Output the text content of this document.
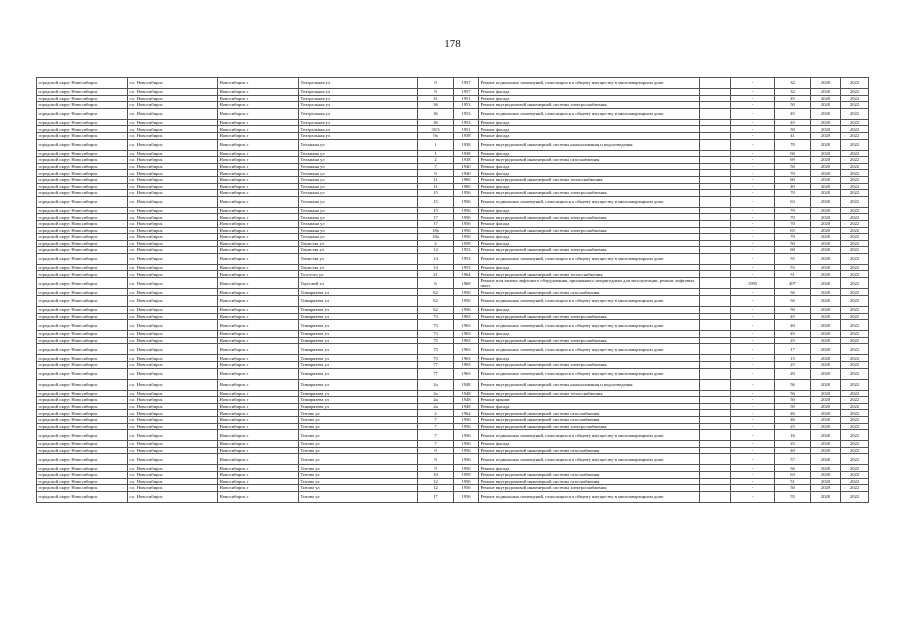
178
городской округ Новосибирск	г.о. Новосибирск	Новосибирск г	Театральная ул	9	1957	Ремонт подвальных помещений, относящихся к общему имуществу в многоквартирном доме		-	32	2020	2022
городской округ Новосибирск	г.о. Новосибирск	Новосибирск г	Театральная ул	9	1957	Ремонт фасада		-	32	2020	2022
городской округ Новосибирск	г.о. Новосибирск	Новосибирск г	Театральная ул	31	1951	Ремонт фасада		-	45	2020	2022
городской округ Новосибирск	г.о. Новосибирск	Новосибирск г	Театральная ул	36	1953	Ремонт внутридомовой инженерной системы электроснабжения		-	50	2020	2022
городской округ Новосибирск	г.о. Новосибирск	Новосибирск г	Театральная ул	36	1953	Ремонт подвальных помещений, относящихся к общему имуществу в многоквартирном доме		-	45	2020	2022
городской округ Новосибирск	г.о. Новосибирск	Новосибирск г	Театральная ул	36	1953	Ремонт фасада		-	45	2020	2022
городской округ Новосибирск	г.о. Новосибирск	Новосибирск г	Театральная ул	35/3	1951	Ремонт фасада		-	50	2020	2022
городской округ Новосибирск	г.о. Новосибирск	Новосибирск г	Театральная ул	9а	1958	Ремонт фасада		-	41	2020	2022
городской округ Новосибирск	г.о. Новосибирск	Новосибирск г	Тельмана ул	1	1938	Ремонт внутридомовой инженерной системы канализования и водоотведения		-	70	2020	2022
городской округ Новосибирск	г.о. Новосибирск	Новосибирск г	Тельмана ул	1	1938	Ремонт фасада		-	66	2020	2022
городской округ Новосибирск	г.о. Новосибирск	Новосибирск г	Тельмана ул	2	1938	Ремонт внутридомовой инженерной системы газоснабжения		-	69	2020	2022
городской округ Новосибирск	г.о. Новосибирск	Новосибирск г	Тельмана ул	7	1940	Ремонт фасада		-	50	2020	2022
городской округ Новосибирск	г.о. Новосибирск	Новосибирск г	Тельмана ул	9	1940	Ремонт фасада		-	70	2020	2022
городской округ Новосибирск	г.о. Новосибирск	Новосибирск г	Тельмана ул	11	1960	Ремонт внутридомовой инженерной системы теплоснабжения		-	60	2020	2022
городской округ Новосибирск	г.о. Новосибирск	Новосибирск г	Тельмана ул	11	1960	Ремонт фасада		-	40	2020	2022
городской округ Новосибирск	г.о. Новосибирск	Новосибирск г	Тельмана ул	15	1956	Ремонт внутридомовой инженерной системы электроснабжения		-	70	2020	2022
городской округ Новосибирск	г.о. Новосибирск	Новосибирск г	Тельмана ул	15	1956	Ремонт подвальных помещений, относящихся к общему имуществу в многоквартирном доме		-	63	2020	2022
городской округ Новосибирск	г.о. Новосибирск	Новосибирск г	Тельмана ул	15	1956	Ремонт фасада		-	70	2020	2022
городской округ Новосибирск	г.о. Новосибирск	Новосибирск г	Тельмана ул	17	1956	Ремонт внутридомовой инженерной системы электроснабжения		-	70	2020	2022
городской округ Новосибирск	г.о. Новосибирск	Новосибирск г	Тельмана ул	17	1956	Ремонт фасада		-	70	2020	2022
городской округ Новосибирск	г.о. Новосибирск	Новосибирск г	Тельмана ул	18а	1956	Ремонт внутридомовой инженерной системы электроснабжения		-	65	2020	2022
городской округ Новосибирск	г.о. Новосибирск	Новосибирск г	Тельмана ул	18а	1956	Ремонт фасада		-	70	2020	2022
городской округ Новосибирск	г.о. Новосибирск	Новосибирск г	Тенистая ул	2	1958	Ремонт фасада		-	50	2020	2022
городской округ Новосибирск	г.о. Новосибирск	Новосибирск г	Тенистая ул	14	1953	Ремонт внутридомовой инженерной системы электроснабжения		-	60	2020	2022
городской округ Новосибирск	г.о. Новосибирск	Новосибирск г	Тенистая ул	14	1953	Ремонт подвальных помещений, относящихся к общему имуществу в многоквартирном доме		-	55	2020	2022
городской округ Новосибирск	г.о. Новосибирск	Новосибирск г	Тенистая ул	14	1953	Ремонт фасада		-	55	2020	2022
городской округ Новосибирск	г.о. Новосибирск	Новосибирск г	Толстого ул	21	1964	Ремонт внутридомовой инженерной системы теплоснабжения		-	51	2020	2022
городской округ Новосибирск	г.о. Новосибирск	Новосибирск г	Торговой ул	6	1969	Ремонт или замена лифтового оборудования, признанного непригодным для эксплуатации, ремонт лифтовых шахт		1995	40*	2020	2022
городской округ Новосибирск	г.о. Новосибирск	Новосибирск г	Тимирязева ул	62	1956	Ремонт внутридомовой инженерной системы газоснабжения		-	56	2020	2022
городской округ Новосибирск	г.о. Новосибирск	Новосибирск г	Тимирязева ул	62	1956	Ремонт подвальных помещений, относящихся к общему имуществу в многоквартирном доме		-	56	2020	2022
городской округ Новосибирск	г.о. Новосибирск	Новосибирск г	Тимирязева ул	62	1956	Ремонт фасада		-	50	2020	2022
городской округ Новосибирск	г.о. Новосибирск	Новосибирск г	Тимирязева ул	73	1963	Ремонт внутридомовой инженерной системы электроснабжения		-	45	2020	2022
городской округ Новосибирск	г.о. Новосибирск	Новосибирск г	Тимирязева ул	73	1963	Ремонт подвальных помещений, относящихся к общему имуществу в многоквартирном доме		-	40	2020	2022
городской округ Новосибирск	г.о. Новосибирск	Новосибирск г	Тимирязева ул	73	1963	Ремонт фасада		-	45	2020	2022
городской округ Новосибирск	г.о. Новосибирск	Новосибирск г	Тимирязева ул	75	1963	Ремонт внутридомовой инженерной системы электроснабжения		-	25	2020	2022
городской округ Новосибирск	г.о. Новосибирск	Новосибирск г	Тимирязева ул	75	1963	Ремонт подвальных помещений, относящихся к общему имуществу в многоквартирном доме		-	17	2020	2022
городской округ Новосибирск	г.о. Новосибирск	Новосибирск г	Тимирязева ул	75	1963	Ремонт фасада		-	15	2020	2022
городской округ Новосибирск	г.о. Новосибирск	Новосибирск г	Тимирязева ул	77	1963	Ремонт внутридомовой инженерной системы электроснабжения		-	25	2020	2022
городской округ Новосибирск	г.о. Новосибирск	Новосибирск г	Тимирязева ул	77	1963	Ремонт подвальных помещений, относящихся к общему имуществу в многоквартирном доме		-	20	2020	2022
городской округ Новосибирск	г.о. Новосибирск	Новосибирск г	Тимирязева ул	2а	1948	Ремонт внутридомовой инженерной системы канализования и водоотведения		-	56	2020	2022
городской округ Новосибирск	г.о. Новосибирск	Новосибирск г	Тимирязева ул	2а	1948	Ремонт внутридомовой инженерной системы теплоснабжения		-	56	2020	2022
городской округ Новосибирск	г.о. Новосибирск	Новосибирск г	Тимирязева ул	2а	1948	Ремонт крыши		-	50	2020	2022
городской округ Новосибирск	г.о. Новосибирск	Новосибирск г	Тимирязева ул	2а	1948	Ремонт фасада		-	50	2020	2022
городской округ Новосибирск	г.о. Новосибирск	Новосибирск г	Титова ул	2	1962	Ремонт внутридомовой инженерной системы газоснабжения		-	46	2020	2022
городской округ Новосибирск	г.о. Новосибирск	Новосибирск г	Титова ул	7	1956	Ремонт внутридомовой инженерной системы газоснабжения		-	46	2020	2022
городской округ Новосибирск	г.о. Новосибирск	Новосибирск г	Титова ул	7	1956	Ремонт внутридомовой инженерной системы электроснабжения		-	25	2020	2022
городской округ Новосибирск	г.о. Новосибирск	Новосибирск г	Титова ул	7	1956	Ремонт подвальных помещений, относящихся к общему имуществу в многоквартирном доме		-	16	2020	2022
городской округ Новосибирск	г.о. Новосибирск	Новосибирск г	Титова ул	7	1956	Ремонт фасада		-	25	2020	2022
городской округ Новосибирск	г.о. Новосибирск	Новосибирск г	Титова ул	9	1956	Ремонт внутридомовой инженерной системы газоснабжения		-	40	2020	2022
городской округ Новосибирск	г.о. Новосибирск	Новосибирск г	Титова ул	9	1956	Ремонт подвальных помещений, относящихся к общему имуществу в многоквартирном доме		-	57	2020	2022
городской округ Новосибирск	г.о. Новосибирск	Новосибирск г	Титова ул	9	1956	Ремонт фасада		-	56	2020	2022
городской округ Новосибирск	г.о. Новосибирск	Новосибирск г	Титова ул	10	1959	Ремонт внутридомовой инженерной системы газоснабжения		-	63	2020	2022
городской округ Новосибирск	г.о. Новосибирск	Новосибирск г	Титова ул	12	1956	Ремонт внутридомовой инженерной системы газоснабжения		-	51	2020	2022
городской округ Новосибирск	г.о. Новосибирск	Новосибирск г	Титова ул	12	1956	Ремонт внутридомовой инженерной системы электроснабжения		-	50	2020	2022
городской округ Новосибирск	г.о. Новосибирск	Новосибирск г	Титова ул	17	1956	Ремонт подвальных помещений, относящихся к общему имуществу в многоквартирном доме		-	55	2020	2022
